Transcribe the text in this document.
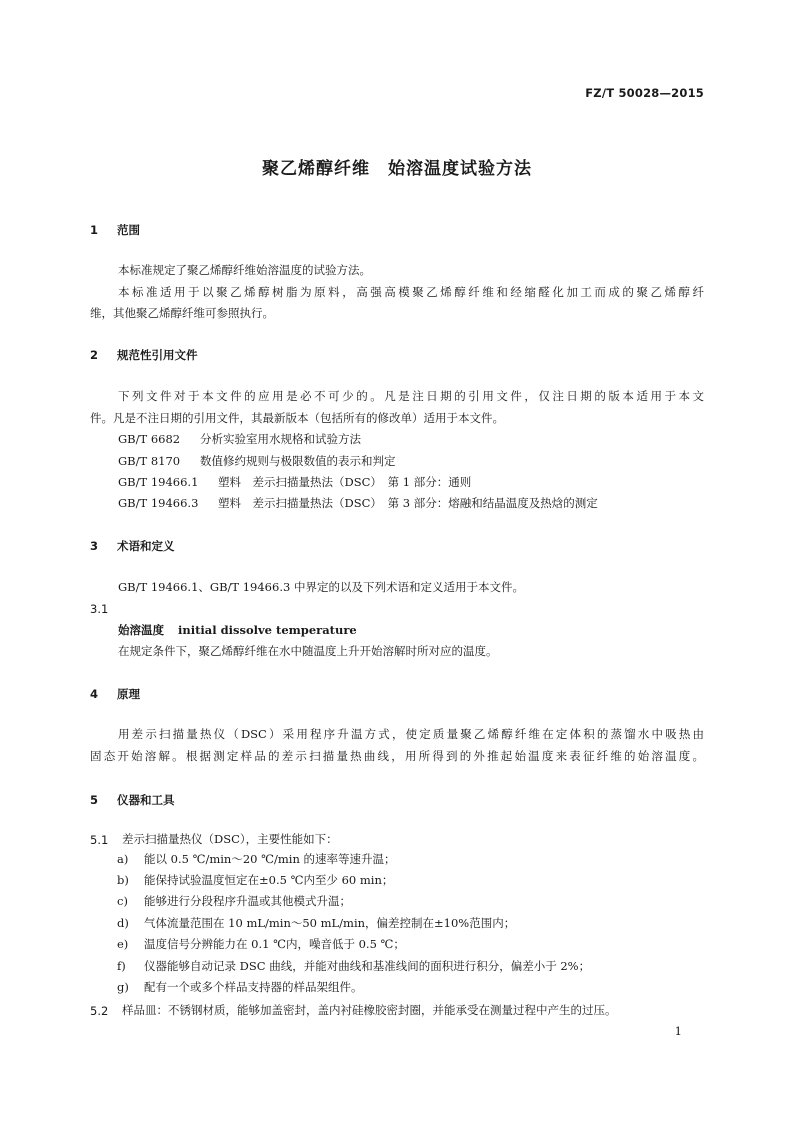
FZ/T 50028—2015
聚乙烯醇纤维　始溶温度试验方法
1 范围
本标准规定了聚乙烯醇纤维始溶温度的试验方法。
本标准适用于以聚乙烯醇树脂为原料，高强高模聚乙烯醇纤维和经缩醛化加工而成的聚乙烯醇纤
维，其他聚乙烯醇纤维可参照执行。
2 规范性引用文件
下列文件对于本文件的应用是必不可少的。凡是注日期的引用文件，仅注日期的版本适用于本文
件。凡是不注日期的引用文件，其最新版本（包括所有的修改单）适用于本文件。
GB/T 6682 分析实验室用水规格和试验方法
GB/T 8170 数值修约规则与极限数值的表示和判定
GB/T 19466.1 塑料　差示扫描量热法（DSC）　第 1 部分：通则
GB/T 19466.3 塑料　差示扫描量热法（DSC）　第 3 部分：熔融和结晶温度及热焓的测定
3 术语和定义
GB/T 19466.1、GB/T 19466.3 中界定的以及下列术语和定义适用于本文件。
3.1
始溶温度 initial dissolve temperature
在规定条件下，聚乙烯醇纤维在水中随温度上升开始溶解时所对应的温度。
4 原理
用差示扫描量热仪（DSC）采用程序升温方式，使定质量聚乙烯醇纤维在定体积的蒸馏水中吸热由
固态开始溶解。根据测定样品的差示扫描量热曲线，用所得到的外推起始温度来表征纤维的始溶温度。
5 仪器和工具
5.1 差示扫描量热仪（DSC），主要性能如下：
a) 能以 0.5 ℃/min～20 ℃/min 的速率等速升温；
b) 能保持试验温度恒定在±0.5 ℃内至少 60 min；
c) 能够进行分段程序升温或其他模式升温；
d) 气体流量范围在 10 mL/min～50 mL/min，偏差控制在±10%范围内；
e) 温度信号分辨能力在 0.1 ℃内，噪音低于 0.5 ℃；
f) 仪器能够自动记录 DSC 曲线，并能对曲线和基准线间的面积进行积分，偏差小于 2%；
g) 配有一个或多个样品支持器的样品架组件。
5.2 样品皿：不锈钢材质，能够加盖密封，盖内衬硅橡胶密封圈，并能承受在测量过程中产生的过压。
1
